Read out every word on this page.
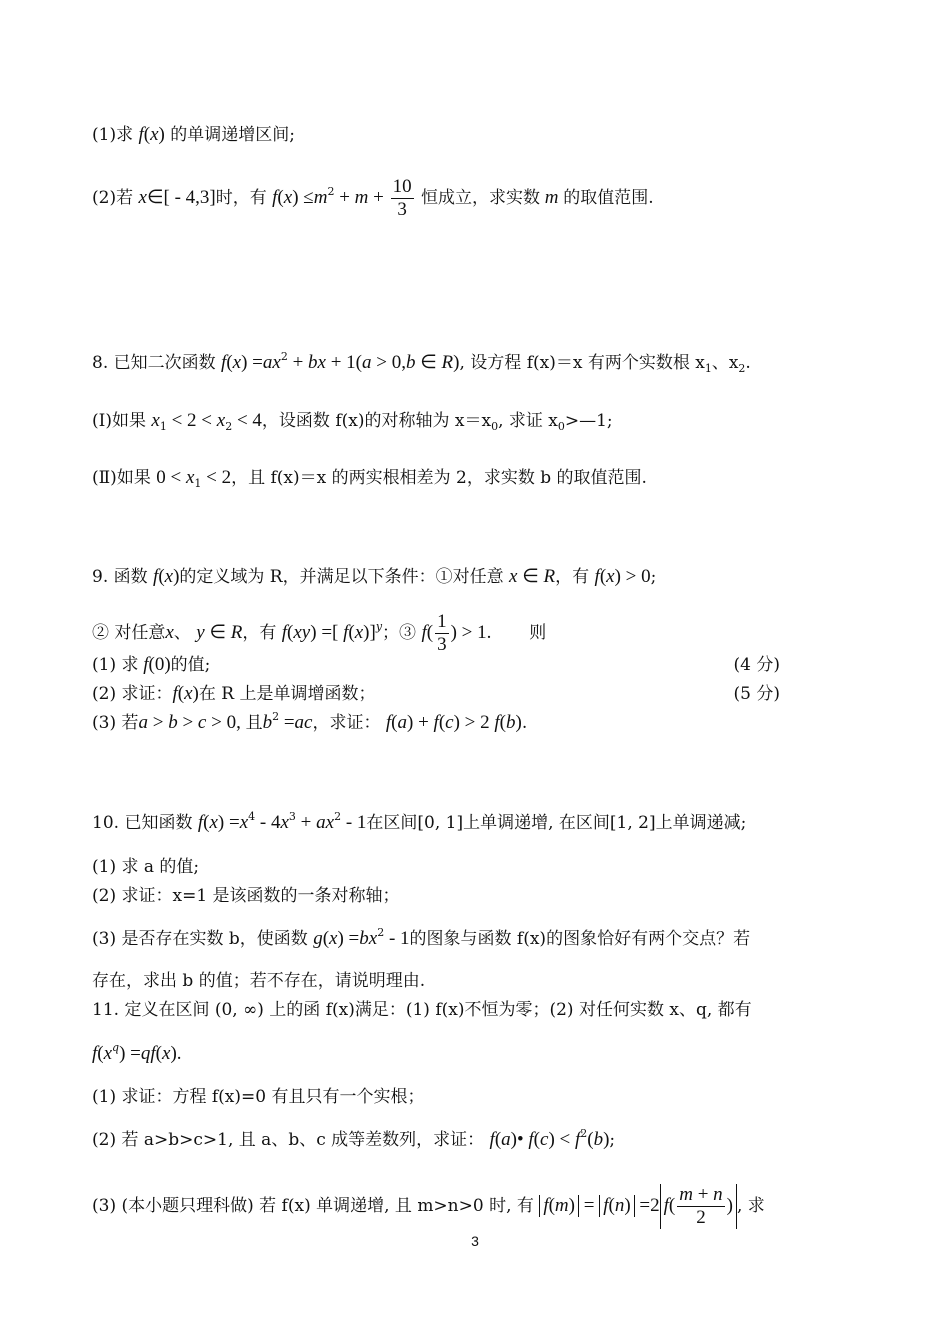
(1)求 f(x) 的单调递增区间;
(2)若 x∈[ - 4,3]时，有 $f(x) \le m^2 + m + \frac{10}{3}$ 恒成立，求实数 m 的取值范围.
8. 已知二次函数 $f(x) =ax^2$ + bx + 1(a > 0,b ∈ R), 设方程 f(x)＝x 有两个实数根 $x_1$、$x_2$.
(Ⅰ)如果 $x_1 < 2 < x_2 < 4$，设函数 f(x)的对称轴为 $x=x_0$, 求证 $x_0>—1$;
(Ⅱ)如果 $0 < x_1 < 2$，且 f(x)＝x 的两实根相差为 2，求实数 b 的取值范围.
9. 函数 f(x)的定义域为 R，并满足以下条件：①对任意 x ∈ R，有 f(x) > 0;
② 对任意x、 y ∈ R，有 f(xy) =[ f(x)]$^y$；③ $f( \frac{1}{3}$ ) > 1. 则
(1) 求 f(0)的值;	(4 分)
(2) 求证：f(x)在 R 上是单调增函数；	(5 分)
(3) 若a > b > c > 0, 且$b^2 =ac$，求证： f(a) + f(c) > 2 f(b).
10. 已知函数 $f(x) =x^4 - 4x^3 + ax^2 - 1$在区间[0, 1]上单调递增, 在区间[1, 2]上单调递减;
(1) 求 a 的值;
(2) 求证：x=1 是该函数的一条对称轴；
(3) 是否存在实数 b，使函数 $g(x) =bx^2 - 1$的图象与函数 f(x)的图象恰好有两个交点？若
存在，求出 b 的值；若不存在，请说明理由.
11. 定义在区间 (0, ∞) 上的函 f(x)满足：(1) f(x)不恒为零；(2) 对任何实数 x、q, 都有
$f(x^q) =qf(x)$.
(1) 求证：方程 f(x)=0 有且只有一个实根；
(2) 若 a>b>c>1, 且 a、b、c 成等差数列，求证： f(a)• $f(c) < f^2(b)$;
(3) (本小题只理科做) 若 f(x) 单调递增, 且 m>n>0 时, 有 f(m) = f(n) =2 $f( \frac{m + n}{2}$ ) , 求
3
